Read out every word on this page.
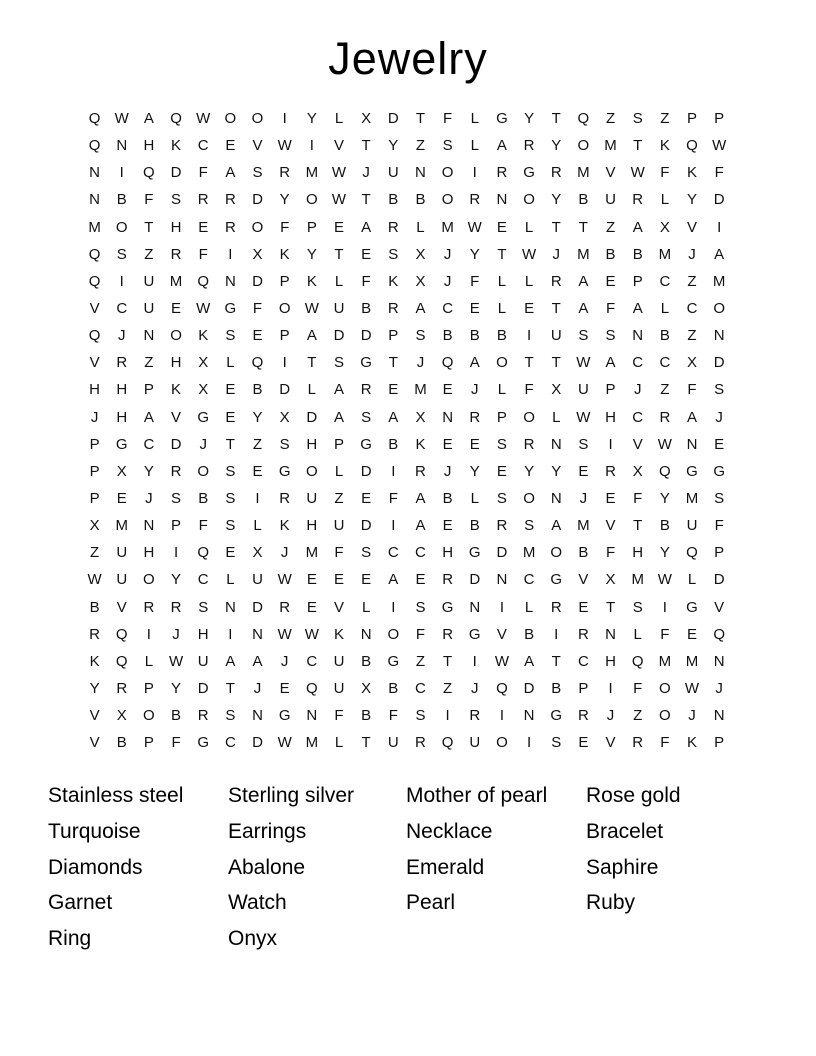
Jewelry
Q W	A	Q W O	O	I	Y	L	X	D	T	F	L	G	Y	T	Q	Z	S	Z	P	P
Q	N	H	K	C	E	V	W	I	V	T	Y	Z	S	L	A	R	Y	O	M	T	K	Q W
N	I	Q	D	F	A	S	R	M W	J	U	N	O	I	R	G	R	M	V	W	F	K	F
N	B	F	S	R	R	D	Y	O W	T	B	B	O	R	N	O	Y	B	U	R	L	Y	D
M	O	T	H	E	R	O	F	P	E	A	R	L	M W	E	L	T	T	Z	A	X	V	I
Q	S	Z	R	F	I	X	K	Y	T	E	S	X	J	Y	T	W	J	M	B	B	M	J	A
Q	I	U	M	Q	N	D	P	K	L	F	K	X	J	F	L	L	R	A	E	P	C	Z	M
V	C	U	E	W G	F	O W U	B	R	A	C	E	L	E	T	A	F	A	L	C	O
Q	J	N	O	K	S	E	P	A	D	D	P	S	B	B	B	I	U	S	S	N	B	Z	N
V	R	Z	H	X	L	Q	I	T	S	G	T	J	Q	A	O	T	T	W	A	C	C	X	D
H	H	P	K	X	E	B	D	L	A	R	E	M	E	J	L	F	X	U	P	J	Z	F	S
J	H	A	V	G	E	Y	X	D	A	S	A	X	N	R	P	O	L	W H	C	R	A	J
P	G	C	D	J	T	Z	S	H	P	G	B	K	E	E	S	R	N	S	I	V	W N	E
P	X	Y	R	O	S	E	G	O	L	D	I	R	J	Y	E	Y	Y	E	R	X	Q	G	G
P	E	J	S	B	S	I	R	U	Z	E	F	A	B	L	S	O	N	J	E	F	Y	M	S
X	M	N	P	F	S	L	K	H	U	D	I	A	E	B	R	S	A	M	V	T	B	U	F
Z	U	H	I	Q	E	X	J	M	F	S	C	C	H	G	D	M	O	B	F	H	Y	Q	P
W U	O	Y	C	L	U W	E	E	E	A	E	R	D	N	C	G	V	X	M W	L	D
B	V	R	R	S	N	D	R	E	V	L	I	S	G	N	I	L	R	E	T	S	I	G	V
R	Q	I	J	H	I	N W W	K	N	O	F	R	G	V	B	I	R	N	L	F	E	Q
K	Q	L	W U	A	A	J	C	U	B	G	Z	T	I	W	A	T	C	H	Q	M M	N
Y	R	P	Y	D	T	J	E	Q	U	X	B	C	Z	J	Q	D	B	P	I	F	O W	J
V	X	O	B	R	S	N	G	N	F	B	F	S	I	R	I	N	G	R	J	Z	O	J	N
V	B	P	F	G	C	D W M	L	T	U	R	Q	U	O	I	S	E	V	R	F	K	P
Stainless steel
Turquoise
Diamonds
Garnet
Ring
Sterling silver
Earrings
Abalone
Watch
Onyx
Mother of pearl
Necklace
Emerald
Pearl
Rose gold
Bracelet
Saphire
Ruby
